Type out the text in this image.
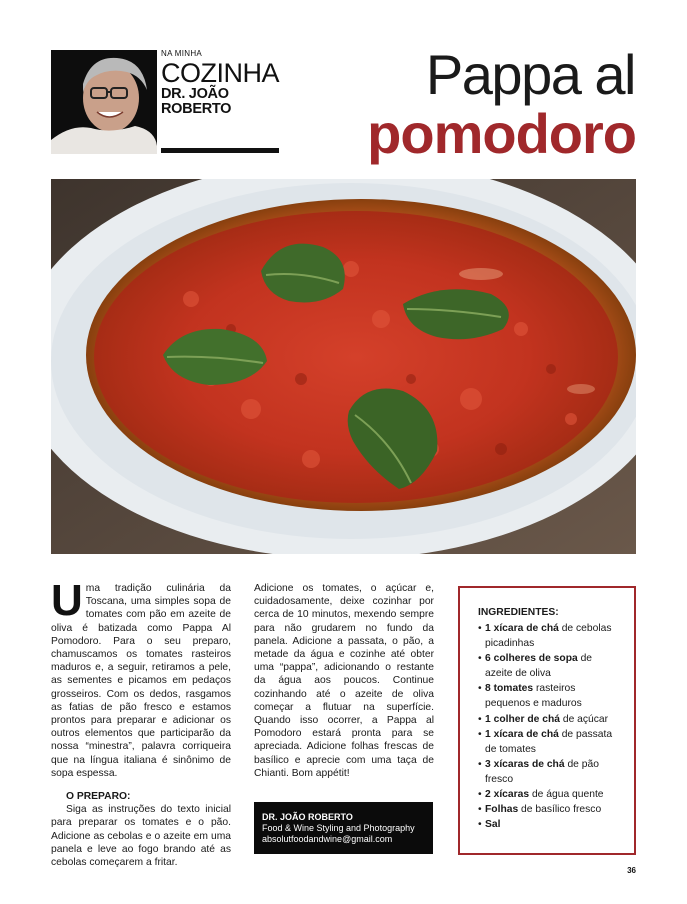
NA MINHA
COZINHA
DR. JOÃO
ROBERTO
Pappa al
pomodoro

Uma tradição culinária da Toscana, uma simples sopa de tomates com pão em azeite de oliva é batizada como Pappa Al Pomodoro. Para o seu preparo, chamuscamos os tomates rasteiros maduros e, a seguir, retiramos a pele, as sementes e picamos em pedaços grosseiros. Com os dedos, rasgamos as fatias de pão fresco e estamos prontos para preparar e adicionar os outros elementos que participarão da nossa “minestra”, palavra corriqueira que na língua italiana é sinônimo de sopa espessa.

O PREPARO:

Siga as instruções do texto inicial para preparar os tomates e o pão. Adicione as cebolas e o azeite em uma panela e leve ao fogo brando até as cebolas começarem a fritar.

Adicione os tomates, o açúcar e, cuidadosamente, deixe cozinhar por cerca de 10 minutos, mexendo sempre para não grudarem no fundo da panela. Adicione a passata, o pão, a metade da água e cozinhe até obter uma “pappa”, adicionando o restante da água aos poucos. Continue cozinhando até o azeite de oliva começar a flutuar na superfície. Quando isso ocorrer, a Pappa al Pomodoro estará pronta para se apreciada. Adicione folhas frescas de basílico e aprecie com uma taça de Chianti. Bom appétit!

DR. JOÃO ROBERTO
Food & Wine Styling and Photography
absolutfoodandwine@gmail.com
INGREDIENTES:
• 1 xícara de chá de cebolas picadinhas
• 6 colheres de sopa de azeite de oliva
• 8 tomates rasteiros pequenos e maduros
• 1 colher de chá de açúcar
• 1 xícara de chá de passata de tomates
• 3 xícaras de chá de pão fresco
• 2 xícaras de água quente
• Folhas de basílico fresco
• Sal
36
